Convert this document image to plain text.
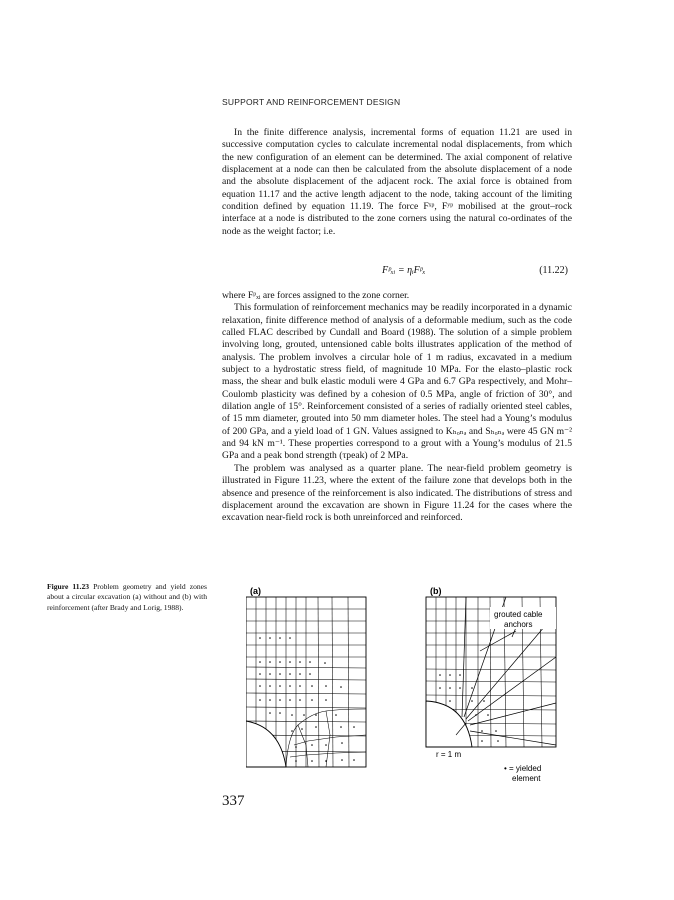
SUPPORT AND REINFORCEMENT DESIGN

In the finite difference analysis, incremental forms of equation 11.21 are used in successive computation cycles to calculate incremental nodal displacements, from which the new configuration of an element can be determined. The axial component of relative displacement at a node can then be calculated from the absolute displacement of a node and the absolute displacement of the adjacent rock. The axial force is obtained from equation 11.17 and the active length adjacent to the node, taking account of the limiting condition defined by equation 11.19. The force Fˣᵖ, Fʸᵖ mobilised at the grout–rock interface at a node is distributed to the zone corners using the natural co-ordinates of the node as the weight factor; i.e.

Fᵖₓᵢ = ηᵢFᵖₓ	(11.22)

where Fᵖₓᵢ are forces assigned to the zone corner.

This formulation of reinforcement mechanics may be readily incorporated in a dynamic relaxation, finite difference method of analysis of a deformable medium, such as the code called FLAC described by Cundall and Board (1988). The solution of a simple problem involving long, grouted, untensioned cable bolts illustrates application of the method of analysis. The problem involves a circular hole of 1 m radius, excavated in a medium subject to a hydrostatic stress field, of magnitude 10 MPa. For the elasto–plastic rock mass, the shear and bulk elastic moduli were 4 GPa and 6.7 GPa respectively, and Mohr–Coulomb plasticity was defined by a cohesion of 0.5 MPa, angle of friction of 30°, and dilation angle of 15°. Reinforcement consisted of a series of radially oriented steel cables, of 15 mm diameter, grouted into 50 mm diameter holes. The steel had a Young’s modulus of 200 GPa, and a yield load of 1 GN. Values assigned to Kₕₒₙₔ and Sₕₒₙₔ were 45 GN m⁻² and 94 kN m⁻¹. These properties correspond to a grout with a Young’s modulus of 21.5 GPa and a peak bond strength (τpeak) of 2 MPa.

The problem was analysed as a quarter plane. The near-field problem geometry is illustrated in Figure 11.23, where the extent of the failure zone that develops both in the absence and presence of the reinforcement is also indicated. The distributions of stress and displacement around the excavation are shown in Figure 11.24 for the cases where the excavation near-field rock is both unreinforced and reinforced.

Figure 11.23 Problem geometry and yield zones about a circular excavation (a) without and (b) with reinforcement (after Brady and Lorig, 1988).
(a)	(b)
grouted cable
anchors
r = 1 m
• = yielded
element
337
